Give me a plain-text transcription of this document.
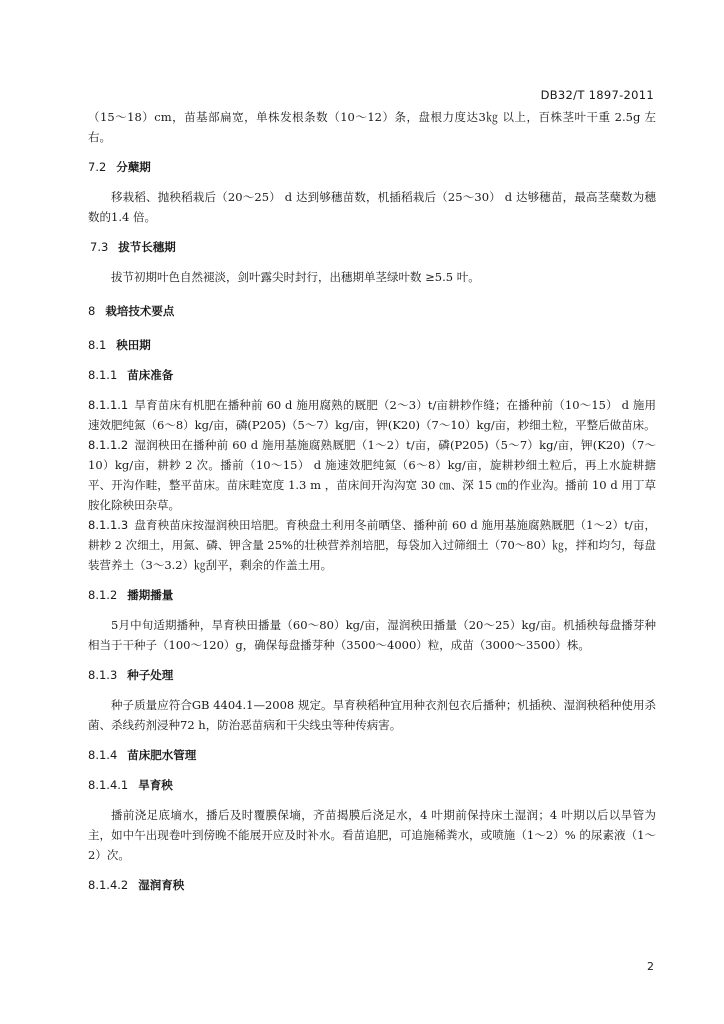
DB32/T 1897-2011

（15～18）cm，苗基部扁宽，单株发根条数（10～12）条，盘根力度达3㎏ 以上，百株茎叶干重 2.5g 左右。

7.2 分蘖期

移栽稻、抛秧稻栽后（20～25） d 达到够穗苗数，机插稻栽后（25～30） d 达够穗苗，最高茎蘖数为穗数的1.4 倍。

7.3 拔节长穗期

拔节初期叶色自然褪淡，剑叶露尖时封行，出穗期单茎绿叶数 ≥5.5 叶。

8 栽培技术要点

8.1 秧田期

8.1.1 苗床准备

8.1.1.1 旱育苗床有机肥在播种前 60 d 施用腐熟的厩肥（2～3）t/亩耕耖作缝；在播种前（10～15） d 施用速效肥纯氮（6～8）kg/亩，磷(P205)（5～7）kg/亩，钾(K20)（7～10）kg/亩，耖细土粒，平整后做苗床。

8.1.1.2 湿润秧田在播种前 60 d 施用基施腐熟厩肥（1～2）t/亩，磷(P205)（5～7）kg/亩，钾(K20)（7～10）kg/亩，耕耖 2 次。播前（10～15） d 施速效肥纯氮（6～8）kg/亩，旋耕耖细土粒后，再上水旋耕搪平、开沟作畦，整平苗床。苗床畦宽度 1.3 m ，苗床间开沟沟宽 30 ㎝、深 15 ㎝的作业沟。播前 10 d 用丁草胺化除秧田杂草。

8.1.1.3 盘育秧苗床按湿润秧田培肥。育秧盘土利用冬前晒垡、播种前 60 d 施用基施腐熟厩肥（1～2）t/亩，耕耖 2 次细土，用氮、磷、钾含量 25%的壮秧营养剂培肥，每袋加入过筛细土（70～80）㎏，拌和均匀，每盘装营养土（3～3.2）㎏刮平，剩余的作盖土用。

8.1.2 播期播量

5月中旬适期播种，旱育秧田播量（60～80）kg/亩，湿润秧田播量（20～25）kg/亩。机插秧每盘播芽种相当于干种子（100～120）g，确保每盘播芽种（3500～4000）粒，成苗（3000～3500）株。

8.1.3 种子处理

种子质量应符合GB 4404.1—2008 规定。旱育秧稻种宜用种衣剂包衣后播种；机插秧、湿润秧稻种使用杀菌、杀线药剂浸种72 h，防治恶苗病和干尖线虫等种传病害。

8.1.4 苗床肥水管理

8.1.4.1 旱育秧

播前浇足底墒水，播后及时覆膜保墒，齐苗揭膜后浇足水，4 叶期前保持床土湿润；4 叶期以后以旱管为主，如中午出现卷叶到傍晚不能展开应及时补水。看苗追肥，可追施稀粪水，或喷施（1～2）% 的尿素液（1～2）次。

8.1.4.2 湿润育秧

2
